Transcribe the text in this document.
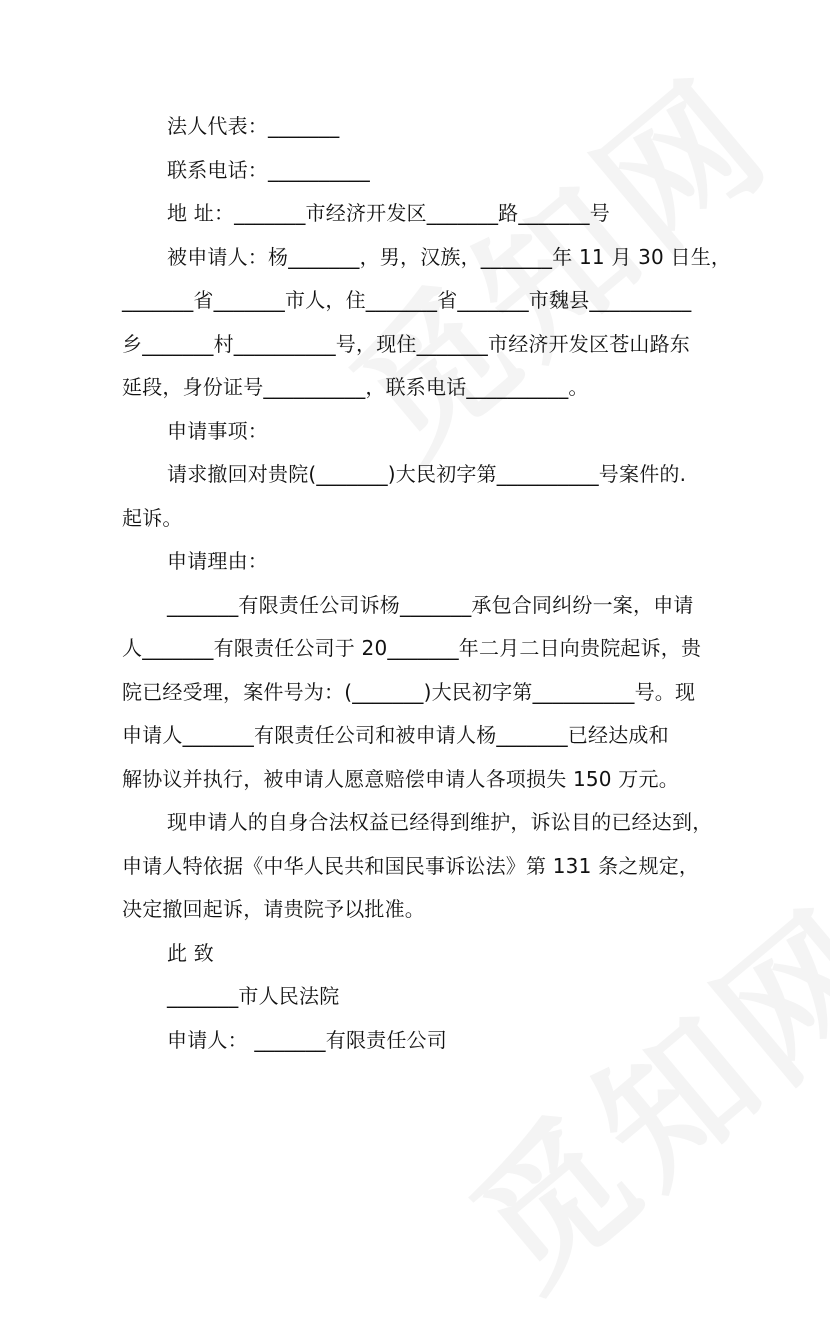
法人代表：_______
联系电话：__________
地 址：_______市经济开发区_______路_______号
被申请人：杨_______，男，汉族，_______年 11 月 30 日生，
_______省_______市人，住_______省_______市魏县__________
乡_______村__________号，现住_______市经济开发区苍山路东
延段，身份证号__________，联系电话__________。
申请事项：
请求撤回对贵院(_______)大民初字第__________号案件的.
起诉。
申请理由：
_______有限责任公司诉杨_______承包合同纠纷一案，申请
人_______有限责任公司于 20_______年二月二日向贵院起诉，贵
院已经受理，案件号为：(_______)大民初字第__________号。现
申请人_______有限责任公司和被申请人杨_______已经达成和
解协议并执行，被申请人愿意赔偿申请人各项损失 150 万元。
现申请人的自身合法权益已经得到维护，诉讼目的已经达到，
申请人特依据《中华人民共和国民事诉讼法》第 131 条之规定，
决定撤回起诉，请贵院予以批准。
此 致
_______市人民法院
申请人： _______有限责任公司
